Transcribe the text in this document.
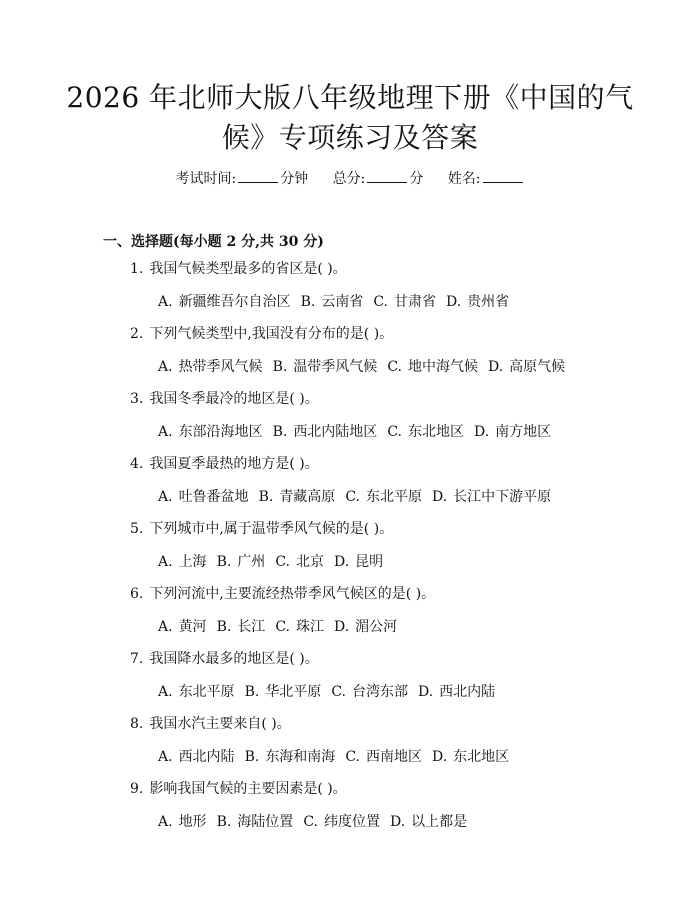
2026 年北师大版八年级地理下册《中国的气
候》专项练习及答案
考试时间:	分钟 总分:	分 姓名:
一、选择题(每小题 2 分,共 30 分)
1. 我国气候类型最多的省区是( )。
A. 新疆维吾尔自治区 B. 云南省 C. 甘肃省 D. 贵州省
2. 下列气候类型中,我国没有分布的是( )。
A. 热带季风气候 B. 温带季风气候 C. 地中海气候 D. 高原气候
3. 我国冬季最冷的地区是( )。
A. 东部沿海地区 B. 西北内陆地区 C. 东北地区 D. 南方地区
4. 我国夏季最热的地方是( )。
A. 吐鲁番盆地 B. 青藏高原 C. 东北平原 D. 长江中下游平原
5. 下列城市中,属于温带季风气候的是( )。
A. 上海 B. 广州 C. 北京 D. 昆明
6. 下列河流中,主要流经热带季风气候区的是( )。
A. 黄河 B. 长江 C. 珠江 D. 湄公河
7. 我国降水最多的地区是( )。
A. 东北平原 B. 华北平原 C. 台湾东部 D. 西北内陆
8. 我国水汽主要来自( )。
A. 西北内陆 B. 东海和南海 C. 西南地区 D. 东北地区
9. 影响我国气候的主要因素是( )。
A. 地形 B. 海陆位置 C. 纬度位置 D. 以上都是
